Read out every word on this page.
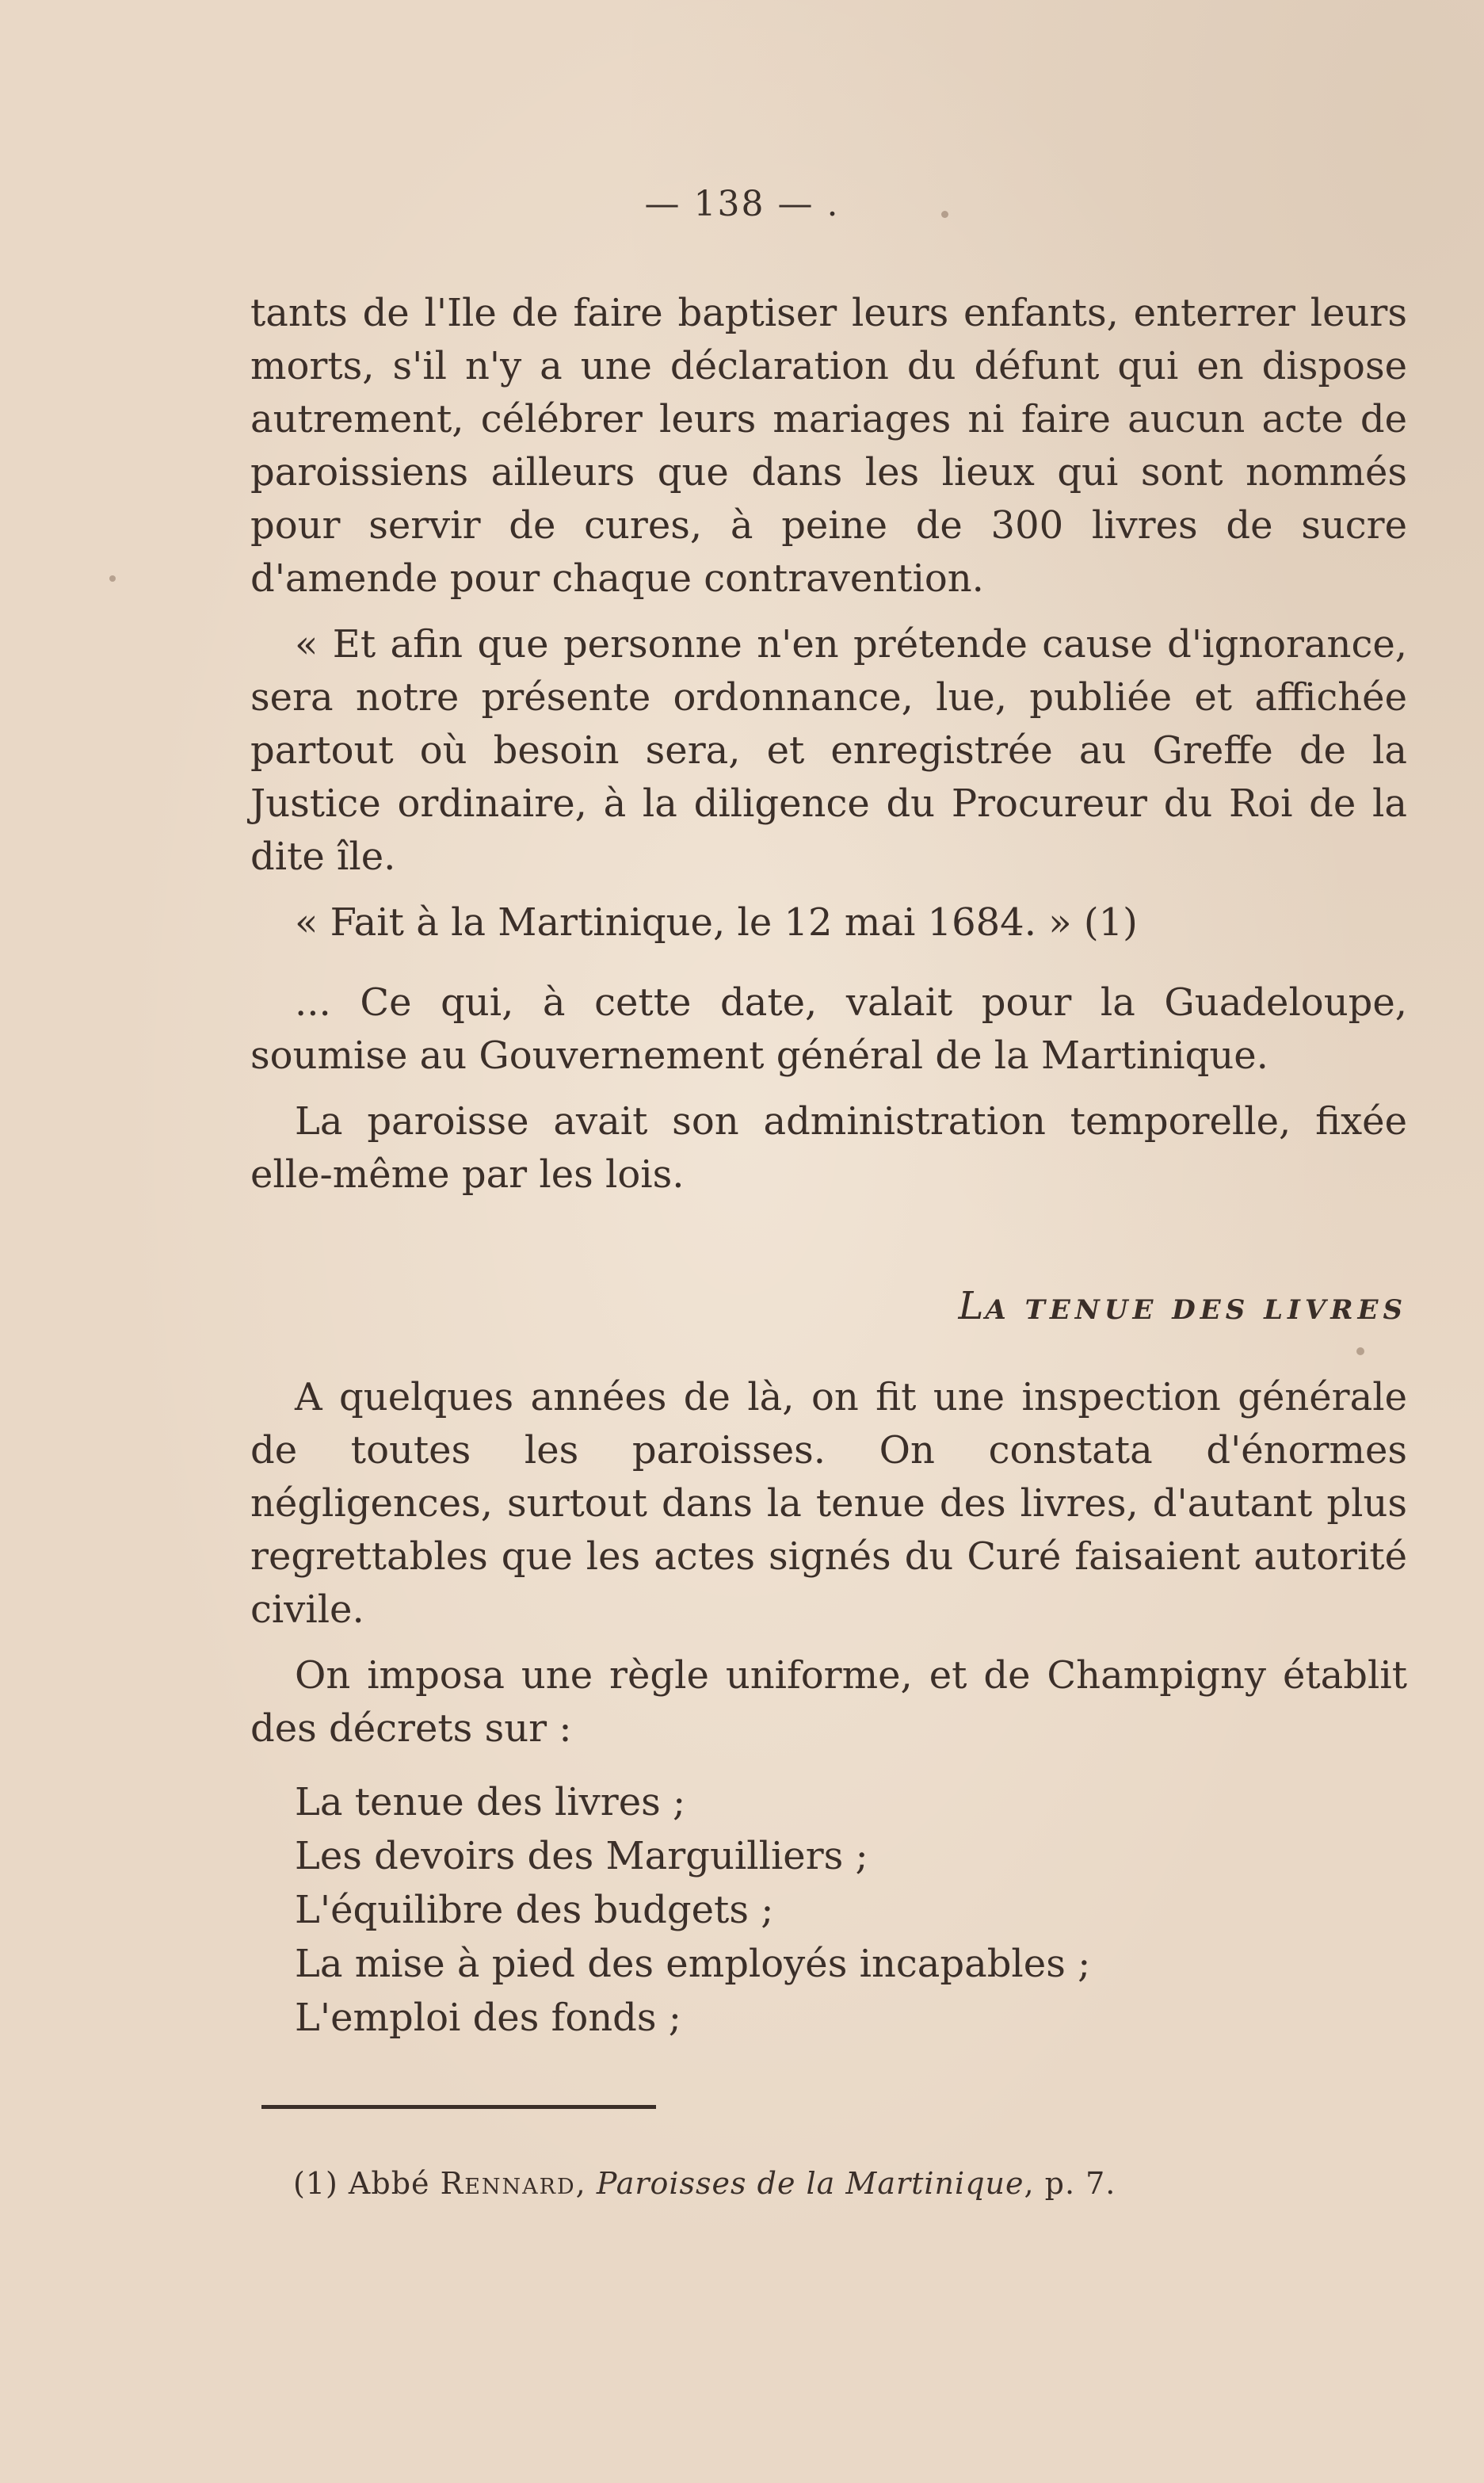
— 138 — .

tants de l'Ile de faire baptiser leurs enfants, enterrer leurs morts, s'il n'y a une déclaration du défunt qui en dispose autrement, célébrer leurs mariages ni faire aucun acte de paroissiens ailleurs que dans les lieux qui sont nommés pour servir de cures, à peine de 300 livres de sucre d'amende pour chaque contravention.

« Et afin que personne n'en prétende cause d'ignorance, sera notre présente ordonnance, lue, publiée et affichée partout où besoin sera, et enregistrée au Greffe de la Justice ordinaire, à la diligence du Procureur du Roi de la dite île.

« Fait à la Martinique, le 12 mai 1684. » (1)

... Ce qui, à cette date, valait pour la Guadeloupe, soumise au Gouvernement général de la Martinique.

La paroisse avait son administration temporelle, fixée elle-même par les lois.

LA TENUE DES LIVRES

A quelques années de là, on fit une inspection générale de toutes les paroisses. On constata d'énormes négligences, surtout dans la tenue des livres, d'autant plus regrettables que les actes signés du Curé faisaient autorité civile.

On imposa une règle uniforme, et de Champigny établit des décrets sur :

La tenue des livres ;
Les devoirs des Marguilliers ;
L'équilibre des budgets ;
La mise à pied des employés incapables ;
L'emploi des fonds ;
(1) Abbé Rennard, Paroisses de la Martinique, p. 7.
